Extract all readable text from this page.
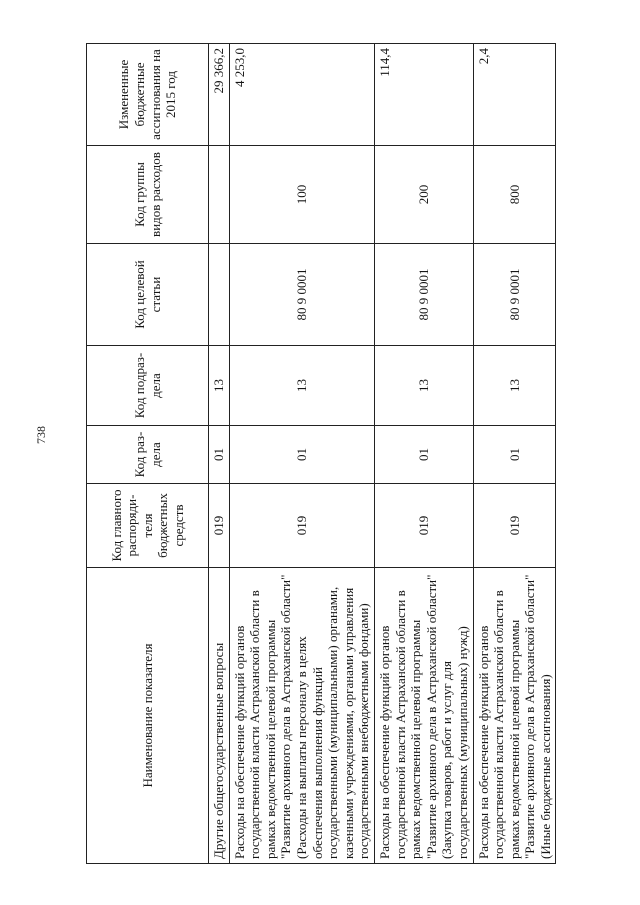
738
Наименование показателя	Код главного распоряди-теля бюджетных средств	Код раз-дела	Код подраз-дела	Код целевой статьи	Код группы видов расходов	Измененные бюджетные ассигнования на 2015 год
Другие общегосударственные вопросы	019	01	13			29 366,2
Расходы на обеспечение функций органов государственной власти Астраханской области в рамках ведомственной целевой программы "Развитие архивного дела в Астраханской области" (Расходы на выплаты персоналу в целях обеспечения выполнения функций государственными (муниципальными) органами, казенными учреждениями, органами управления государственными внебюджетными фондами)	019	01	13	80 9 0001	100	4 253,0
Расходы на обеспечение функций органов государственной власти Астраханской области в рамках ведомственной целевой программы "Развитие архивного дела в Астраханской области" (Закупка товаров, работ и услуг для государственных (муниципальных) нужд)	019	01	13	80 9 0001	200	114,4
Расходы на обеспечение функций органов государственной власти Астраханской области в рамках ведомственной целевой программы "Развитие архивного дела в Астраханской области" (Иные бюджетные ассигнования)	019	01	13	80 9 0001	800	2,4
